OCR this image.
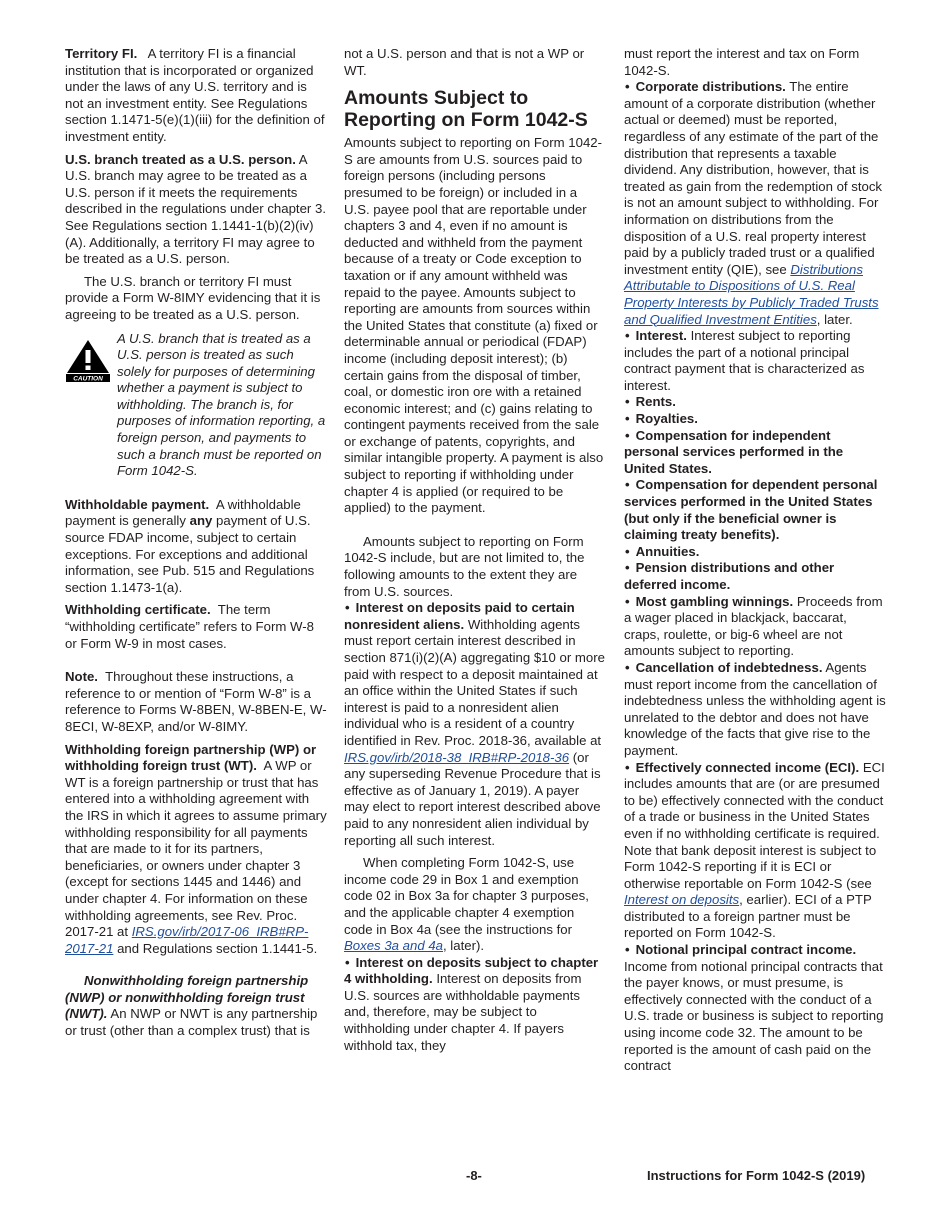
Territory FI. A territory FI is a financial institution that is incorporated or organized under the laws of any U.S. territory and is not an investment entity. See Regulations section 1.1471-5(e)(1)(iii) for the definition of investment entity.

U.S. branch treated as a U.S. person. A U.S. branch may agree to be treated as a U.S. person if it meets the requirements described in the regulations under chapter 3. See Regulations section 1.1441-1(b)(2)(iv)(A). Additionally, a territory FI may agree to be treated as a U.S. person.

The U.S. branch or territory FI must provide a Form W-8IMY evidencing that it is agreeing to be treated as a U.S. person.

CAUTION

A U.S. branch that is treated as a U.S. person is treated as such solely for purposes of determining whether a payment is subject to withholding. The branch is, for purposes of information reporting, a foreign person, and payments to such a branch must be reported on Form 1042-S.

Withholdable payment. A withholdable payment is generally any payment of U.S. source FDAP income, subject to certain exceptions. For exceptions and additional information, see Pub. 515 and Regulations section 1.1473-1(a).

Withholding certificate. The term “withholding certificate” refers to Form W-8 or Form W-9 in most cases.

Note. Throughout these instructions, a reference to or mention of “Form W-8” is a reference to Forms W-8BEN, W-8BEN-E, W-8ECI, W-8EXP, and/or W-8IMY.

Withholding foreign partnership (WP) or withholding foreign trust (WT). A WP or WT is a foreign partnership or trust that has entered into a withholding agreement with the IRS in which it agrees to assume primary withholding responsibility for all payments that are made to it for its partners, beneficiaries, or owners under chapter 3 (except for sections 1445 and 1446) and under chapter 4. For information on these withholding agreements, see Rev. Proc. 2017-21 at IRS.gov/irb/2017-06_IRB#RP-2017-21 and Regulations section 1.1441-5.

Nonwithholding foreign partnership (NWP) or nonwithholding foreign trust (NWT). An NWP or NWT is any partnership or trust (other than a complex trust) that is

not a U.S. person and that is not a WP or WT.

Amounts Subject to Reporting on Form 1042-S

Amounts subject to reporting on Form 1042-S are amounts from U.S. sources paid to foreign persons (including persons presumed to be foreign) or included in a U.S. payee pool that are reportable under chapters 3 and 4, even if no amount is deducted and withheld from the payment because of a treaty or Code exception to taxation or if any amount withheld was repaid to the payee. Amounts subject to reporting are amounts from sources within the United States that constitute (a) fixed or determinable annual or periodical (FDAP) income (including deposit interest); (b) certain gains from the disposal of timber, coal, or domestic iron ore with a retained economic interest; and (c) gains relating to contingent payments received from the sale or exchange of patents, copyrights, and similar intangible property. A payment is also subject to reporting if withholding under chapter 4 is applied (or required to be applied) to the payment.

Amounts subject to reporting on Form 1042-S include, but are not limited to, the following amounts to the extent they are from U.S. sources.

• Interest on deposits paid to certain nonresident aliens. Withholding agents must report certain interest described in section 871(i)(2)(A) aggregating $10 or more paid with respect to a deposit maintained at an office within the United States if such interest is paid to a nonresident alien individual who is a resident of a country identified in Rev. Proc. 2018-36, available at IRS.gov/irb/2018-38_IRB#RP-2018-36 (or any superseding Revenue Procedure that is effective as of January 1, 2019). A payer may elect to report interest described above paid to any nonresident alien individual by reporting all such interest.

When completing Form 1042-S, use income code 29 in Box 1 and exemption code 02 in Box 3a for chapter 3 purposes, and the applicable chapter 4 exemption code in Box 4a (see the instructions for Boxes 3a and 4a, later).

• Interest on deposits subject to chapter 4 withholding. Interest on deposits from U.S. sources are withholdable payments and, therefore, may be subject to withholding under chapter 4. If payers withhold tax, they

must report the interest and tax on Form 1042-S.

• Corporate distributions. The entire amount of a corporate distribution (whether actual or deemed) must be reported, regardless of any estimate of the part of the distribution that represents a taxable dividend. Any distribution, however, that is treated as gain from the redemption of stock is not an amount subject to withholding. For information on distributions from the disposition of a U.S. real property interest paid by a publicly traded trust or a qualified investment entity (QIE), see Distributions Attributable to Dispositions of U.S. Real Property Interests by Publicly Traded Trusts and Qualified Investment Entities, later.

• Interest. Interest subject to reporting includes the part of a notional principal contract payment that is characterized as interest.

• Rents.

• Royalties.

• Compensation for independent personal services performed in the United States.

• Compensation for dependent personal services performed in the United States (but only if the beneficial owner is claiming treaty benefits).

• Annuities.

• Pension distributions and other deferred income.

• Most gambling winnings. Proceeds from a wager placed in blackjack, baccarat, craps, roulette, or big-6 wheel are not amounts subject to reporting.

• Cancellation of indebtedness. Agents must report income from the cancellation of indebtedness unless the withholding agent is unrelated to the debtor and does not have knowledge of the facts that give rise to the payment.

• Effectively connected income (ECI). ECI includes amounts that are (or are presumed to be) effectively connected with the conduct of a trade or business in the United States even if no withholding certificate is required. Note that bank deposit interest is subject to Form 1042-S reporting if it is ECI or otherwise reportable on Form 1042-S (see Interest on deposits, earlier). ECI of a PTP distributed to a foreign partner must be reported on Form 1042-S.

• Notional principal contract income. Income from notional principal contracts that the payer knows, or must presume, is effectively connected with the conduct of a U.S. trade or business is subject to reporting using income code 32. The amount to be reported is the amount of cash paid on the contract

-8-	Instructions for Form 1042-S (2019)
